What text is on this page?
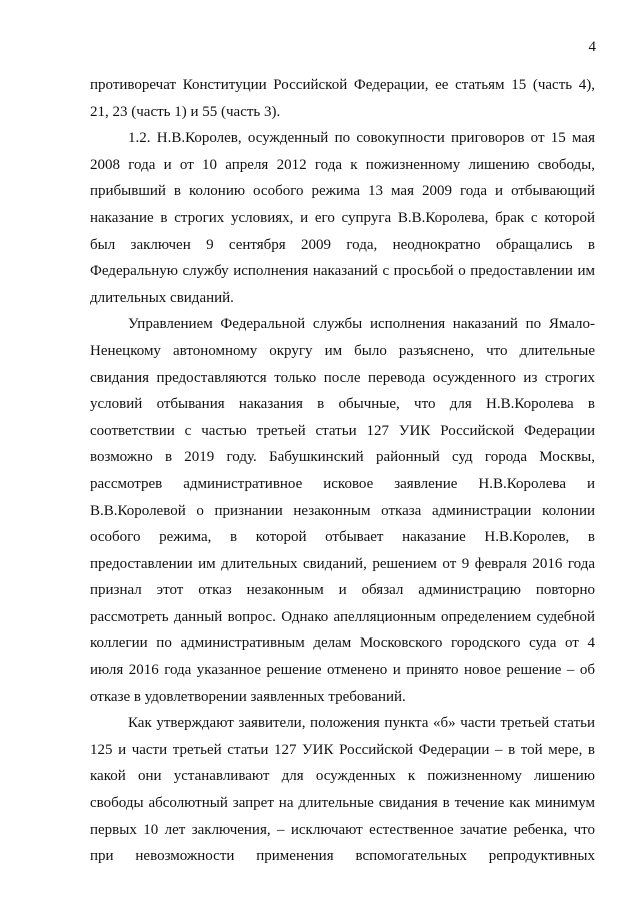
4
противоречат Конституции Российской Федерации, ее статьям 15 (часть 4),
21, 23 (часть 1) и 55 (часть 3).
1.2. Н.В.Королев, осужденный по совокупности приговоров от 15 мая
2008 года и от 10 апреля 2012 года к пожизненному лишению свободы,
прибывший в колонию особого режима 13 мая 2009 года и отбывающий
наказание в строгих условиях, и его супруга В.В.Королева, брак с которой
был заключен 9 сентября 2009 года, неоднократно обращались в
Федеральную службу исполнения наказаний с просьбой о предоставлении им
длительных свиданий.
Управлением Федеральной службы исполнения наказаний по Ямало-
Ненецкому автономному округу им было разъяснено, что длительные
свидания предоставляются только после перевода осужденного из строгих
условий отбывания наказания в обычные, что для Н.В.Королева в
соответствии с частью третьей статьи 127 УИК Российской Федерации
возможно в 2019 году. Бабушкинский районный суд города Москвы,
рассмотрев административное исковое заявление Н.В.Королева и
В.В.Королевой о признании незаконным отказа администрации колонии
особого режима, в которой отбывает наказание Н.В.Королев, в
предоставлении им длительных свиданий, решением от 9 февраля 2016 года
признал этот отказ незаконным и обязал администрацию повторно
рассмотреть данный вопрос. Однако апелляционным определением судебной
коллегии по административным делам Московского городского суда от 4
июля 2016 года указанное решение отменено и принято новое решение – об
отказе в удовлетворении заявленных требований.
Как утверждают заявители, положения пункта «б» части третьей статьи
125 и части третьей статьи 127 УИК Российской Федерации – в той мере, в
какой они устанавливают для осужденных к пожизненному лишению
свободы абсолютный запрет на длительные свидания в течение как минимум
первых 10 лет заключения, – исключают естественное зачатие ребенка, что
при невозможности применения вспомогательных репродуктивных
